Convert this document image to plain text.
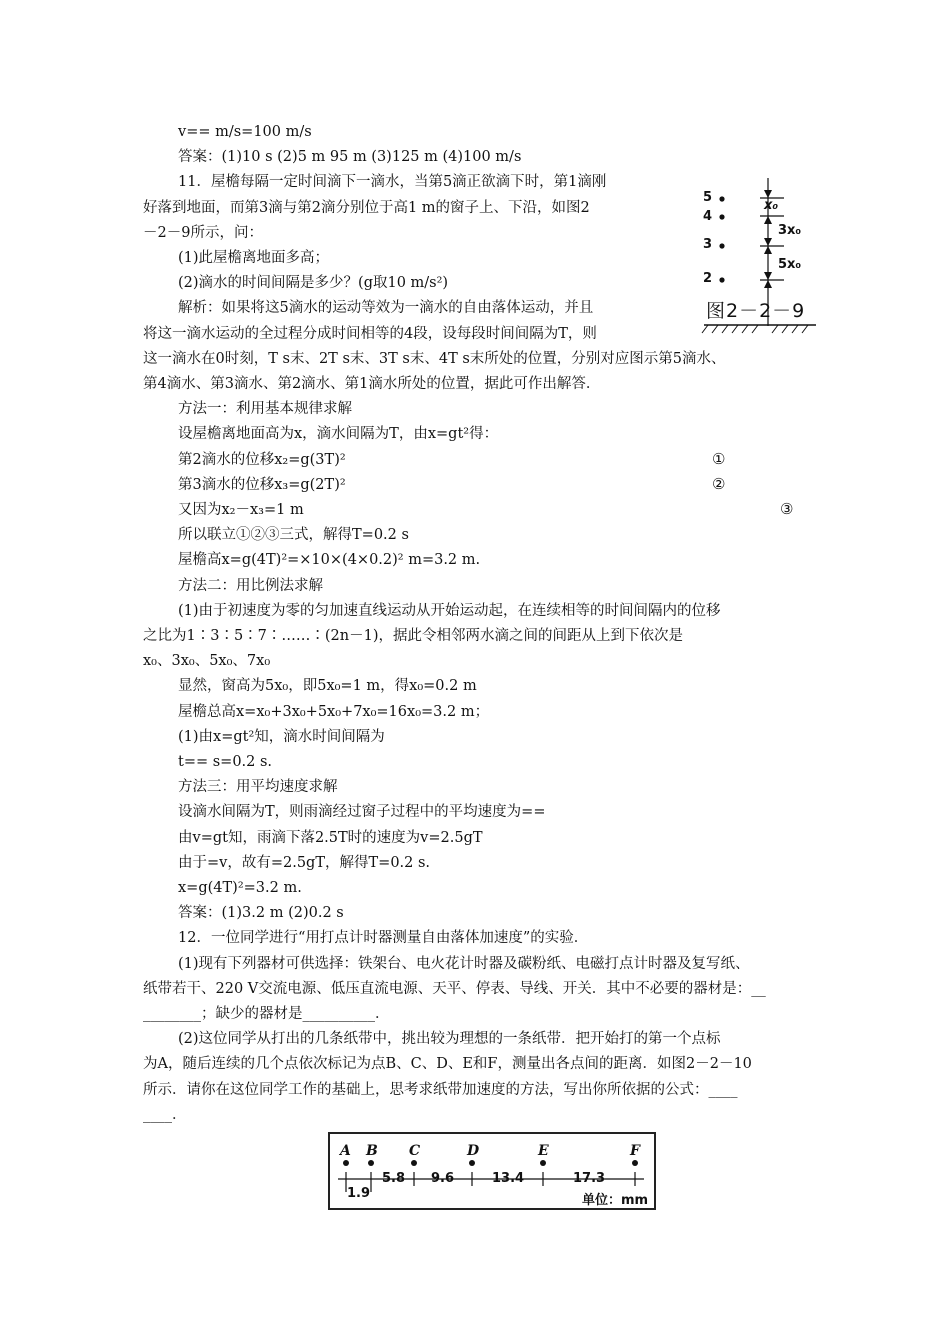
v== m/s=100 m/s
答案：(1)10 s (2)5 m 95 m (3)125 m (4)100 m/s
11．屋檐每隔一定时间滴下一滴水，当第5滴正欲滴下时，第1滴刚
好落到地面，而第3滴与第2滴分别位于高1 m的窗子上、下沿，如图2
－2－9所示，问：
(1)此屋檐离地面多高；
(2)滴水的时间间隔是多少？(g取10 m/s²)
解析：如果将这5滴水的运动等效为一滴水的自由落体运动，并且
将这一滴水运动的全过程分成时间相等的4段，设每段时间间隔为T，则
这一滴水在0时刻，T s末、2T s末、3T s末、4T s末所处的位置，分别对应图示第5滴水、
第4滴水、第3滴水、第2滴水、第1滴水所处的位置，据此可作出解答．
方法一：利用基本规律求解
设屋檐离地面高为x，滴水间隔为T，由x=gt²得：
第2滴水的位移x₂=g(3T)²
第3滴水的位移x₃=g(2T)²
又因为x₂－x₃=1 m
所以联立①②③三式，解得T=0.2 s
屋檐高x=g(4T)²=×10×(4×0.2)² m=3.2 m.
方法二：用比例法求解
(1)由于初速度为零的匀加速直线运动从开始运动起，在连续相等的时间间隔内的位移
之比为1∶3∶5∶7∶……∶(2n－1)，据此令相邻两水滴之间的间距从上到下依次是
x₀、3x₀、5x₀、7x₀
显然，窗高为5x₀，即5x₀=1 m，得x₀=0.2 m
屋檐总高x=x₀+3x₀+5x₀+7x₀=16x₀=3.2 m；
(1)由x=gt²知，滴水时间间隔为
t== s=0.2 s.
方法三：用平均速度求解
设滴水间隔为T，则雨滴经过窗子过程中的平均速度为==
由v=gt知，雨滴下落2.5T时的速度为v=2.5gT
由于=v，故有=2.5gT，解得T=0.2 s.
x=g(4T)²=3.2 m.
答案：(1)3.2 m (2)0.2 s
12．一位同学进行“用打点计时器测量自由落体加速度”的实验．
(1)现有下列器材可供选择：铁架台、电火花计时器及碳粉纸、电磁打点计时器及复写纸、
纸带若干、220 V交流电源、低压直流电源、天平、停表、导线、开关．其中不必要的器材是：__
________；缺少的器材是__________．
(2)这位同学从打出的几条纸带中，挑出较为理想的一条纸带．把开始打的第一个点标
为A，随后连续的几个点依次标记为点B、C、D、E和F，测量出各点间的距离．如图2－2－10
所示．请你在这位同学工作的基础上，思考求纸带加速度的方法，写出你所依据的公式：____
____．
①
②
③
5
4
3
2
x₀
3x₀
5x₀
图2－2－9
A B C	D	E	F
1.9
5.8 9.6	13.4	17.3
单位：mm
